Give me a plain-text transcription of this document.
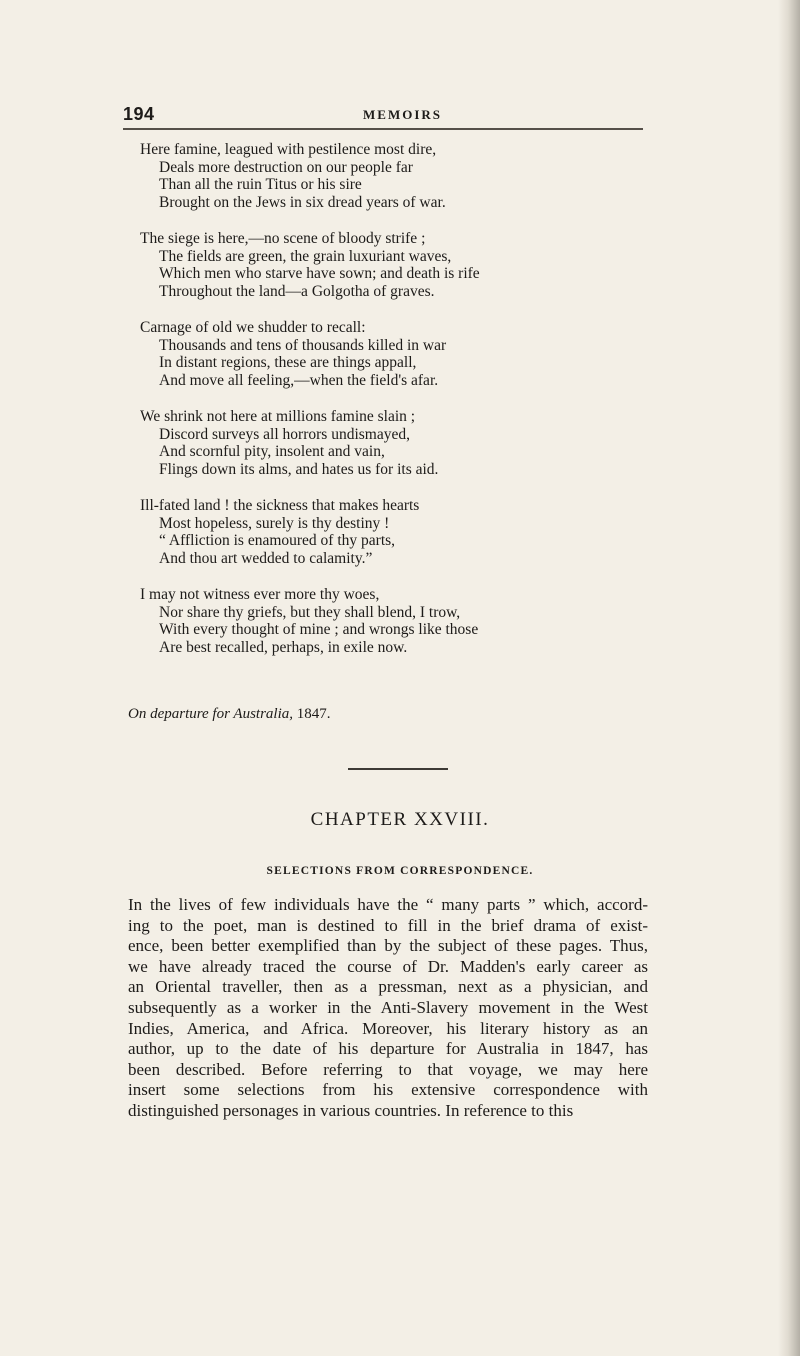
194	MEMOIRS
Here famine, leagued with pestilence most dire,
Deals more destruction on our people far
Than all the ruin Titus or his sire
Brought on the Jews in six dread years of war.
The siege is here,—no scene of bloody strife ;
The fields are green, the grain luxuriant waves,
Which men who starve have sown; and death is rife
Throughout the land—a Golgotha of graves.
Carnage of old we shudder to recall:
Thousands and tens of thousands killed in war
In distant regions, these are things appall,
And move all feeling,—when the field's afar.
We shrink not here at millions famine slain ;
Discord surveys all horrors undismayed,
And scornful pity, insolent and vain,
Flings down its alms, and hates us for its aid.
Ill-fated land ! the sickness that makes hearts
Most hopeless, surely is thy destiny !
“ Affliction is enamoured of thy parts,
And thou art wedded to calamity.”
I may not witness ever more thy woes,
Nor share thy griefs, but they shall blend, I trow,
With every thought of mine ; and wrongs like those
Are best recalled, perhaps, in exile now.
On departure for Australia, 1847.
CHAPTER XXVIII.
SELECTIONS FROM CORRESPONDENCE.
In the lives of few individuals have the “ many parts ” which, accord-
ing to the poet, man is destined to fill in the brief drama of exist-
ence, been better exemplified than by the subject of these pages. Thus,
we have already traced the course of Dr. Madden's early career as
an Oriental traveller, then as a pressman, next as a physician, and
subsequently as a worker in the Anti-Slavery movement in the West
Indies, America, and Africa. Moreover, his literary history as an
author, up to the date of his departure for Australia in 1847, has
been described. Before referring to that voyage, we may here
insert some selections from his extensive correspondence with
distinguished personages in various countries. In reference to this
